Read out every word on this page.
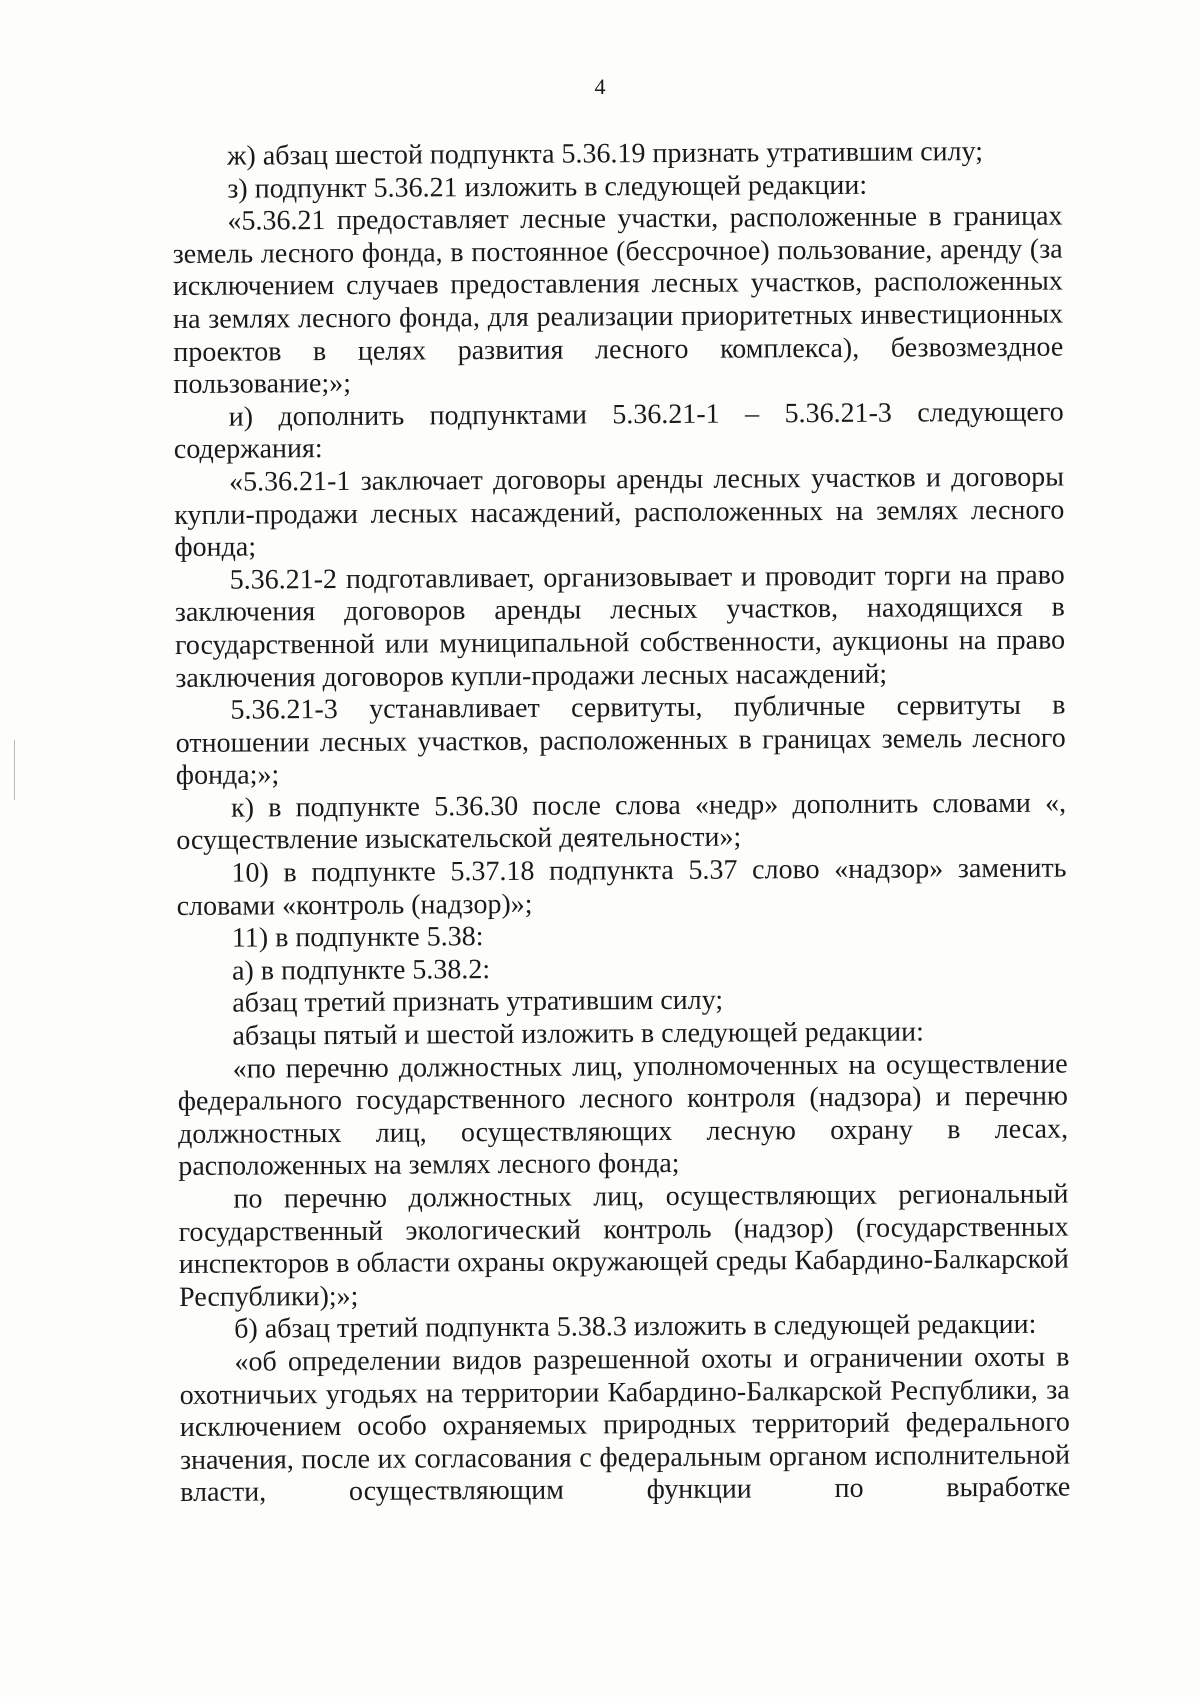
4

ж) абзац шестой подпункта 5.36.19 признать утратившим силу;

з) подпункт 5.36.21 изложить в следующей редакции:

«5.36.21 предоставляет лесные участки, расположенные в границах земель лесного фонда, в постоянное (бессрочное) пользование, аренду (за исключением случаев предоставления лесных участков, расположенных на землях лесного фонда, для реализации приоритетных инвестиционных проектов в целях развития лесного комплекса), безвозмездное пользование;»;

и) дополнить подпунктами 5.36.21-1 – 5.36.21-3 следующего содержания:

«5.36.21-1 заключает договоры аренды лесных участков и договоры купли-продажи лесных насаждений, расположенных на землях лесного фонда;

5.36.21-2 подготавливает, организовывает и проводит торги на право заключения договоров аренды лесных участков, находящихся в государственной или муниципальной собственности, аукционы на право заключения договоров купли-продажи лесных насаждений;

5.36.21-3 устанавливает сервитуты, публичные сервитуты в отношении лесных участков, расположенных в границах земель лесного фонда;»;

к) в подпункте 5.36.30 после слова «недр» дополнить словами «, осуществление изыскательской деятельности»;

10) в подпункте 5.37.18 подпункта 5.37 слово «надзор» заменить словами «контроль (надзор)»;

11) в подпункте 5.38:

а) в подпункте 5.38.2:

абзац третий признать утратившим силу;

абзацы пятый и шестой изложить в следующей редакции:

«по перечню должностных лиц, уполномоченных на осуществление федерального государственного лесного контроля (надзора) и перечню должностных лиц, осуществляющих лесную охрану в лесах, расположенных на землях лесного фонда;

по перечню должностных лиц, осуществляющих региональный государственный экологический контроль (надзор) (государственных инспекторов в области охраны окружающей среды Кабардино-Балкарской Республики);»;

б) абзац третий подпункта 5.38.3 изложить в следующей редакции:

«об определении видов разрешенной охоты и ограничении охоты в охотничьих угодьях на территории Кабардино-Балкарской Республики, за исключением особо охраняемых природных территорий федерального значения, после их согласования с федеральным органом исполнительной власти, осуществляющим функции по выработке
